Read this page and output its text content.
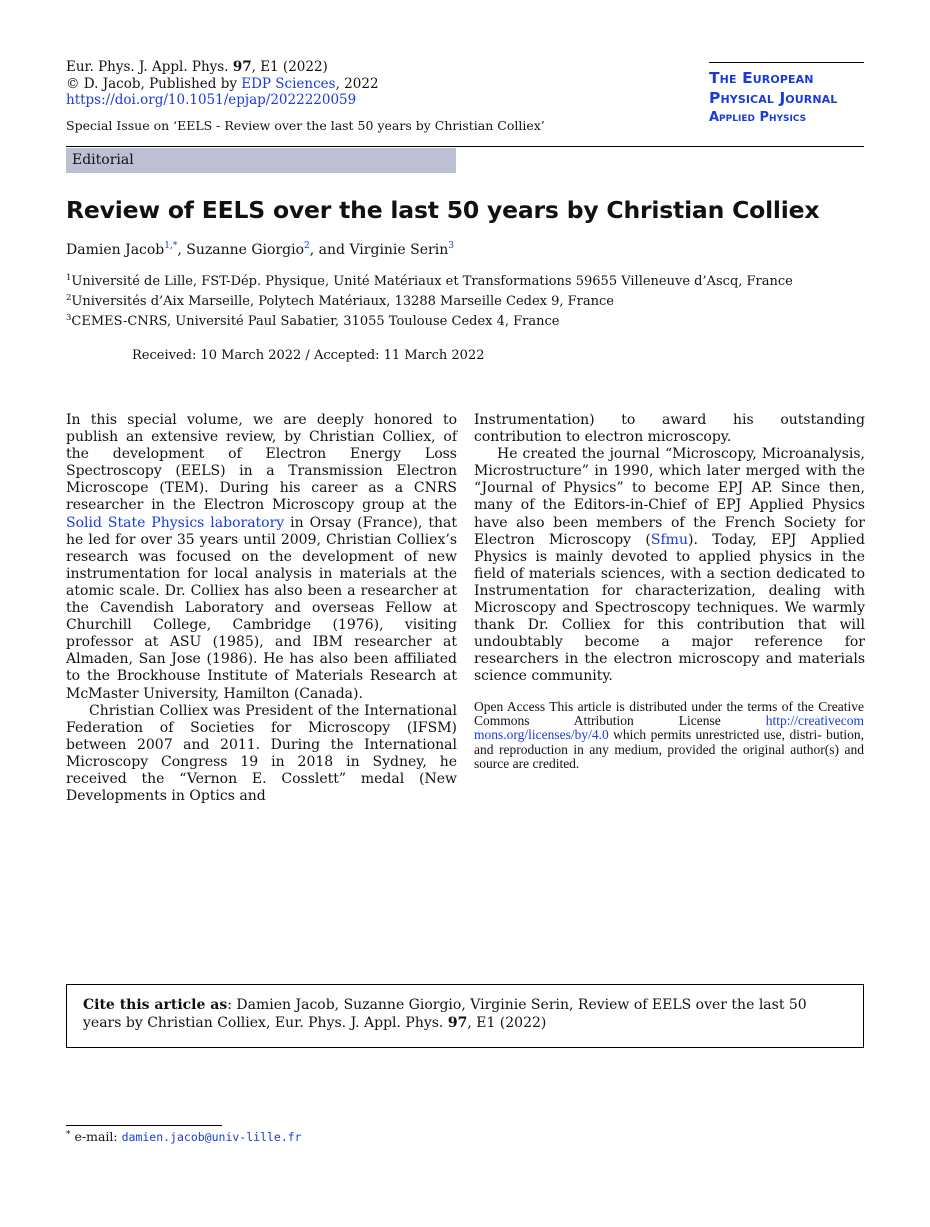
Eur. Phys. J. Appl. Phys. 97, E1 (2022)
© D. Jacob, Published by EDP Sciences, 2022
https://doi.org/10.1051/epjap/2022220059
Special Issue on ‘EELS - Review over the last 50 years by Christian Colliex’
The European
Physical Journal
Applied Physics
Editorial
Review of EELS over the last 50 years by Christian Colliex
Damien Jacob$^{1,*}$, Suzanne Giorgio$^2$, and Virginie Serin$^3$
$^1$Université de Lille, FST-Dép. Physique, Unité Matériaux et Transformations 59655 Villeneuve d’Ascq, France
$^2$Universités d’Aix Marseille, Polytech Matériaux, 13288 Marseille Cedex 9, France
$^3$CEMES-CNRS, Université Paul Sabatier, 31055 Toulouse Cedex 4, France
Received: 10 March 2022 / Accepted: 11 March 2022

In this special volume, we are deeply honored to publish an extensive review, by Christian Colliex, of the development of Electron Energy Loss Spectroscopy (EELS) in a Transmission Electron Microscope (TEM). During his career as a CNRS researcher in the Electron Microscopy group at the Solid State Physics laboratory in Orsay (France), that he led for over 35 years until 2009, Christian Colliex’s research was focused on the development of new instrumentation for local analysis in materials at the atomic scale. Dr. Colliex has also been a researcher at the Cavendish Laboratory and overseas Fellow at Churchill College, Cambridge (1976), visiting professor at ASU (1985), and IBM researcher at Almaden, San Jose (1986). He has also been affiliated to the Brockhouse Institute of Materials Research at McMaster University, Hamilton (Canada).

Christian Colliex was President of the International Federation of Societies for Microscopy (IFSM) between 2007 and 2011. During the International Microscopy Congress 19 in 2018 in Sydney, he received the “Vernon E. Cosslett” medal (New Developments in Optics and

Instrumentation) to award his outstanding contribution to electron microscopy.

He created the journal “Microscopy, Microanalysis, Microstructure” in 1990, which later merged with the “Journal of Physics” to become EPJ AP. Since then, many of the Editors-in-Chief of EPJ Applied Physics have also been members of the French Society for Electron Microscopy (Sfmu). Today, EPJ Applied Physics is mainly devoted to applied physics in the field of materials sciences, with a section dedicated to Instrumentation for characterization, dealing with Microscopy and Spectroscopy techniques. We warmly thank Dr. Colliex for this contribution that will undoubtably become a major reference for researchers in the electron microscopy and materials science community.

Open Access This article is distributed under the terms of the Creative Commons Attribution License http://creativecom mons.org/licenses/by/4.0 which permits unrestricted use, distri- bution, and reproduction in any medium, provided the original author(s) and source are credited.
Cite this article as: Damien Jacob, Suzanne Giorgio, Virginie Serin, Review of EELS over the last 50 years by Christian Colliex, Eur. Phys. J. Appl. Phys. 97, E1 (2022)
* e-mail: damien.jacob@univ-lille.fr
